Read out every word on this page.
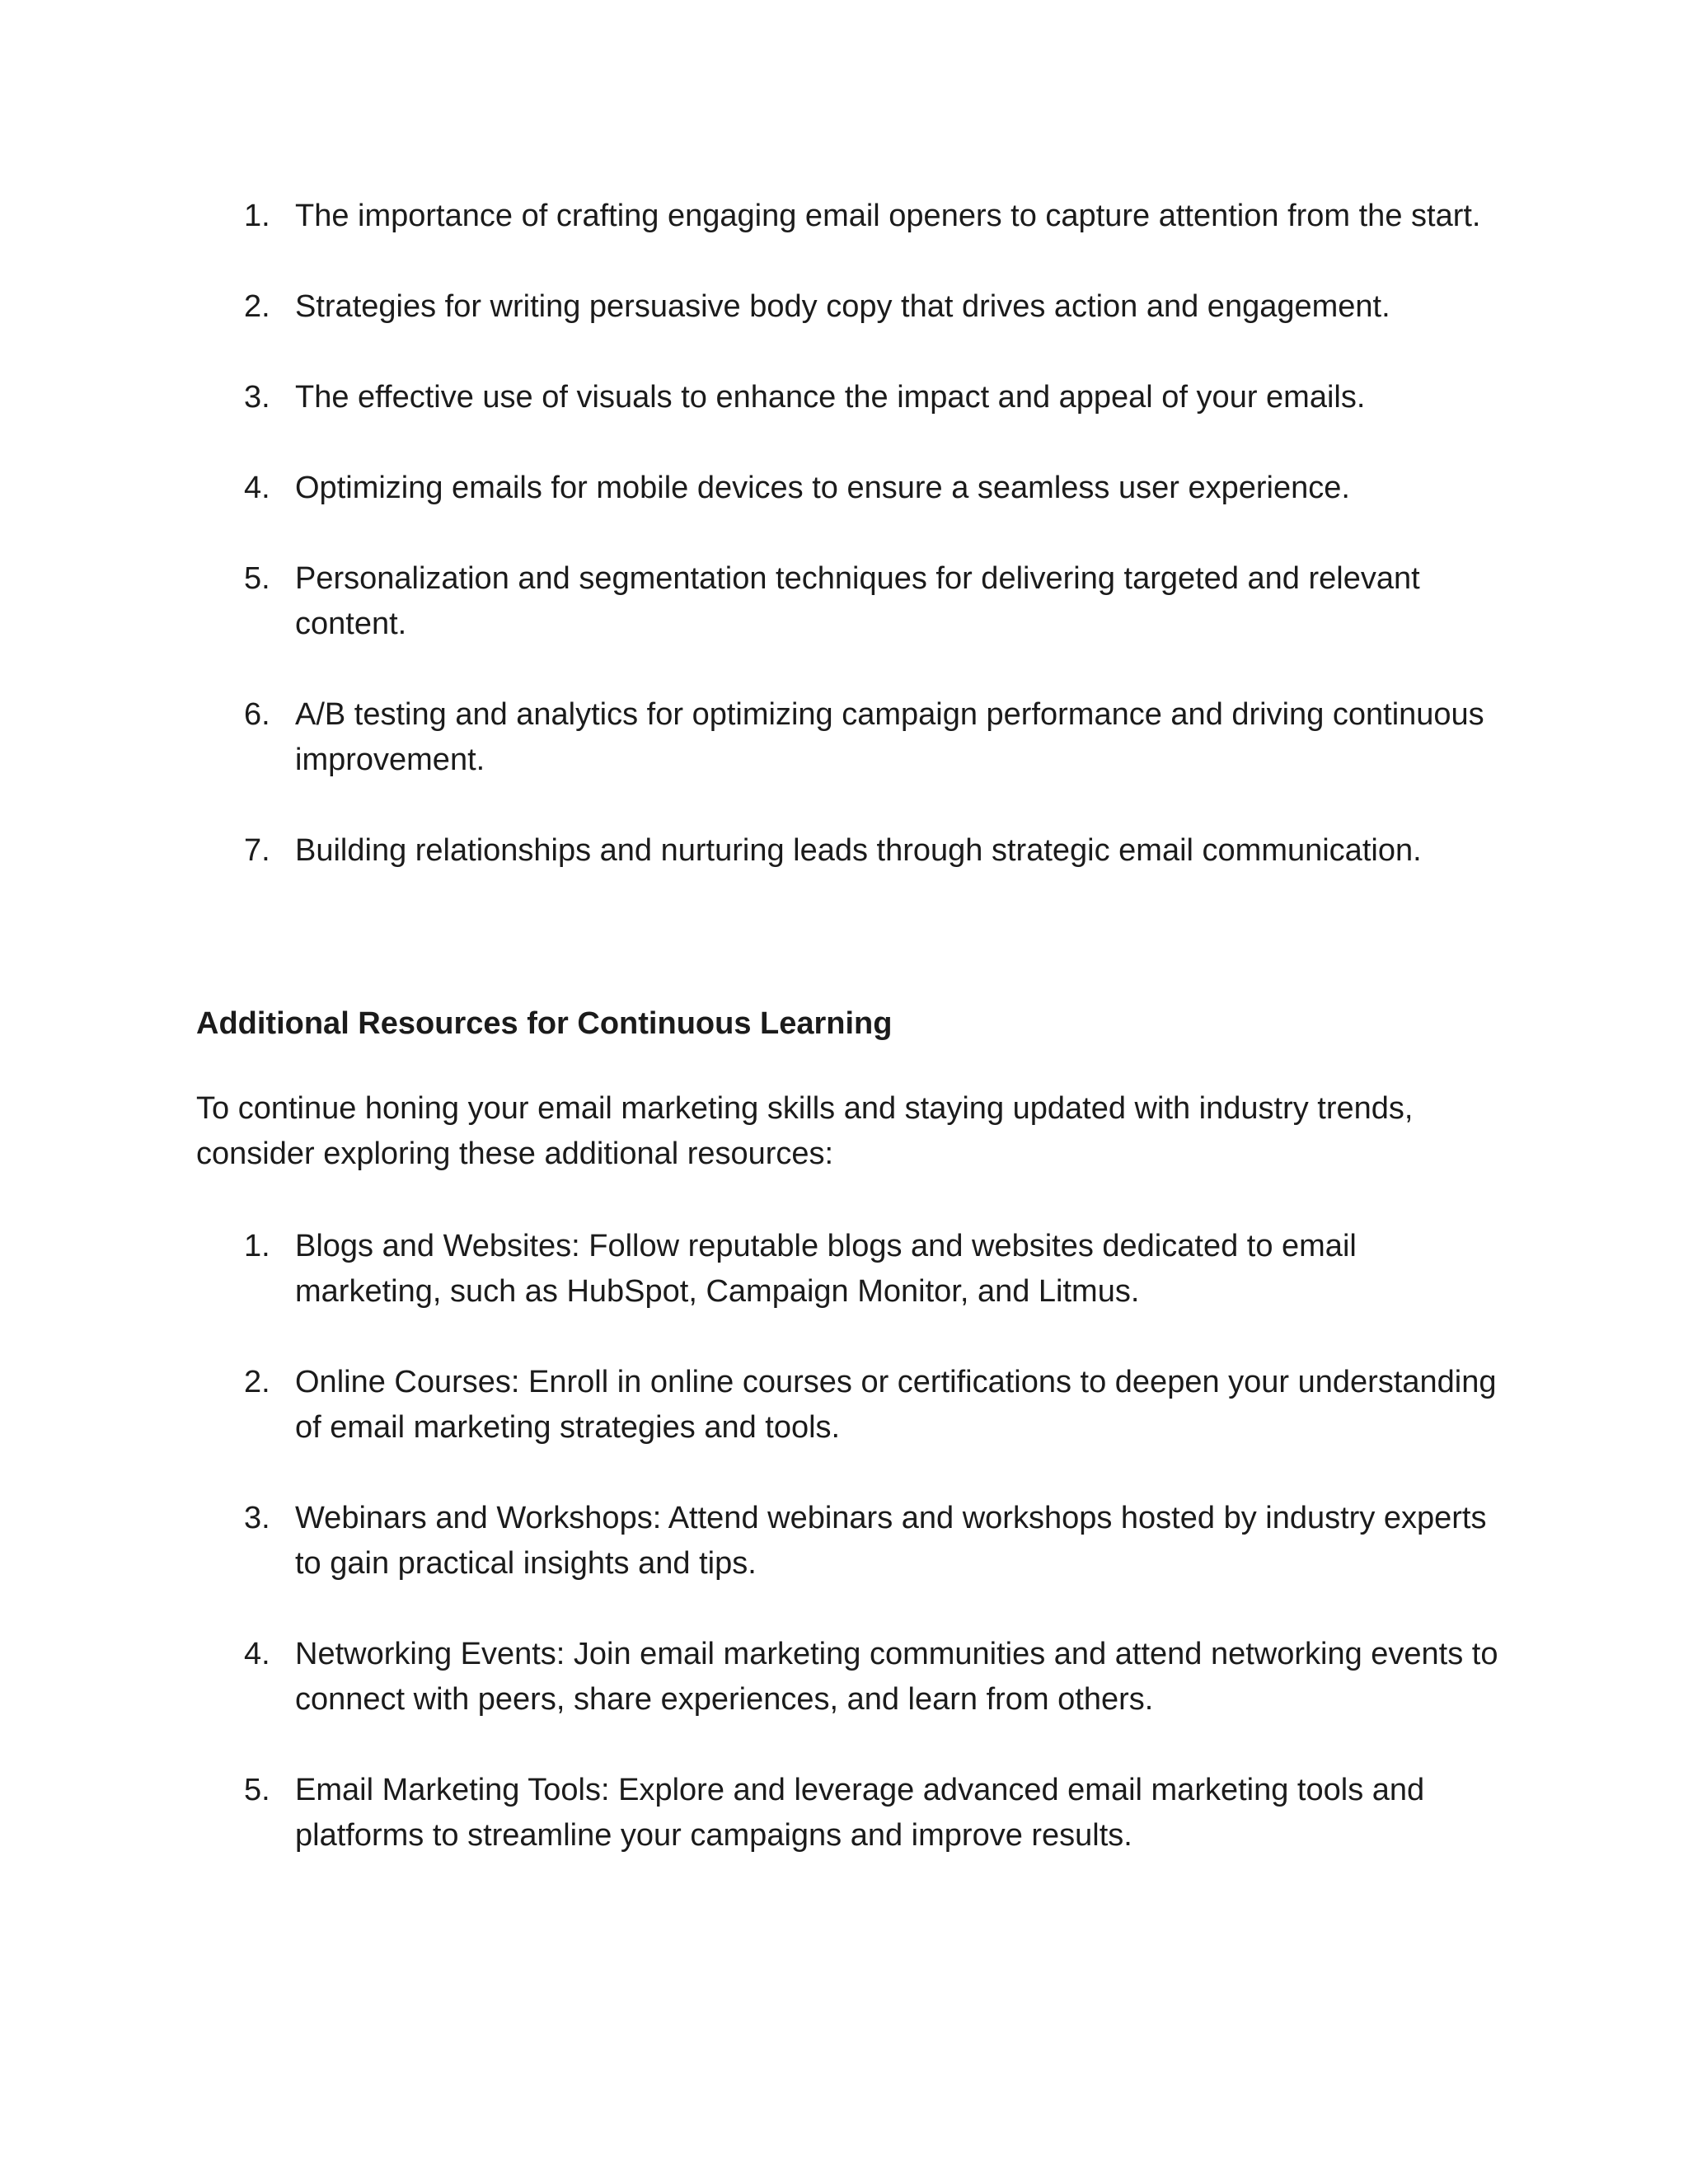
1. The importance of crafting engaging email openers to capture attention from the start.
2. Strategies for writing persuasive body copy that drives action and engagement.
3. The effective use of visuals to enhance the impact and appeal of your emails.
4. Optimizing emails for mobile devices to ensure a seamless user experience.
5. Personalization and segmentation techniques for delivering targeted and relevant content.
6. A/B testing and analytics for optimizing campaign performance and driving continuous improvement.
7. Building relationships and nurturing leads through strategic email communication.
Additional Resources for Continuous Learning

To continue honing your email marketing skills and staying updated with industry trends, consider exploring these additional resources:

1. Blogs and Websites: Follow reputable blogs and websites dedicated to email marketing, such as HubSpot, Campaign Monitor, and Litmus.
2. Online Courses: Enroll in online courses or certifications to deepen your understanding of email marketing strategies and tools.
3. Webinars and Workshops: Attend webinars and workshops hosted by industry experts to gain practical insights and tips.
4. Networking Events: Join email marketing communities and attend networking events to connect with peers, share experiences, and learn from others.
5. Email Marketing Tools: Explore and leverage advanced email marketing tools and platforms to streamline your campaigns and improve results.
